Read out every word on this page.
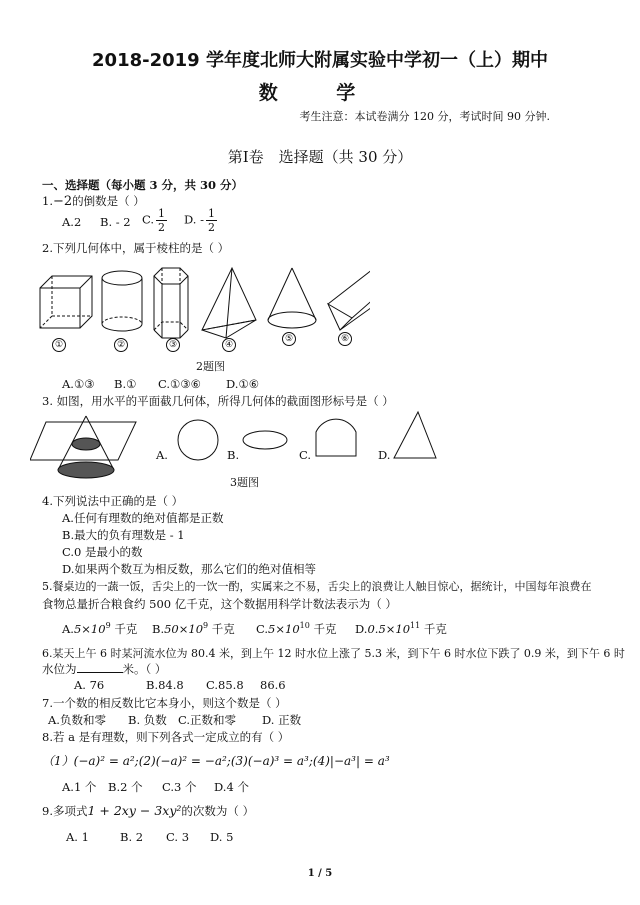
2018-2019 学年度北师大附属实验中学初一（上）期中
数 学
考生注意：本试卷满分 120 分，考试时间 90 分钟.
第Ⅰ卷　选择题（共 30 分）
一、选择题（每小题 3 分，共 30 分）
1.−2的倒数是（ ）
A.2 B. - 2 C. $\frac{1}{2} D$. - $\frac{1}{2}$
2.下列几何体中，属于棱柱的是（ ）
①	②	③	④
⑤	⑥
2题图
A.①③ B.① C.①③⑥ D.①⑥
3. 如图，用水平的平面截几何体，所得几何体的截面图形标号是（ ）
A.	B.	C.	D.
3题图
4.下列说法中正确的是（ ）
A.任何有理数的绝对值都是正数
B.最大的负有理数是 - 1
C.0 是最小的数
D.如果两个数互为相反数，那么它们的绝对值相等
5.餐桌边的一蔬一饭，舌尖上的一饮一酌，实属来之不易，舌尖上的浪费让人触目惊心，据统计，中国每年浪费在
食物总量折合粮食约 500 亿千克，这个数据用科学计数法表示为（ ）
$A.5\times 10^9$ 千克 $B.50\times 10^9$ 千克 $C.5\times 10^{10}$ 千克 $D.0.5\times 10^{11}$ 千克
6.某天上午 6 时某河流水位为 80.4 米，到上午 12 时水位上涨了 5.3 米，到下午 6 时水位下跌了 0.9 米，到下午 6 时
水位为	米。（ ）
A. 76	B.84.8 C.85.8 86.6
7.一个数的相反数比它本身小，则这个数是（ ）
A.负数和零 B. 负数 C.正数和零 D. 正数
8.若 a 是有理数，则下列各式一定成立的有（ ）
（1）(−a)² = a²;(2)(−a)² = −a²;(3)(−a)³ = a³;(4)|−a³| = a³
A.1 个 B.2 个 C.3 个 D.4 个
9.多项式1 + 2xy − 3xy²的次数为（ ）
A. 1	B. 2 C. 3 D. 5
1 / 5
